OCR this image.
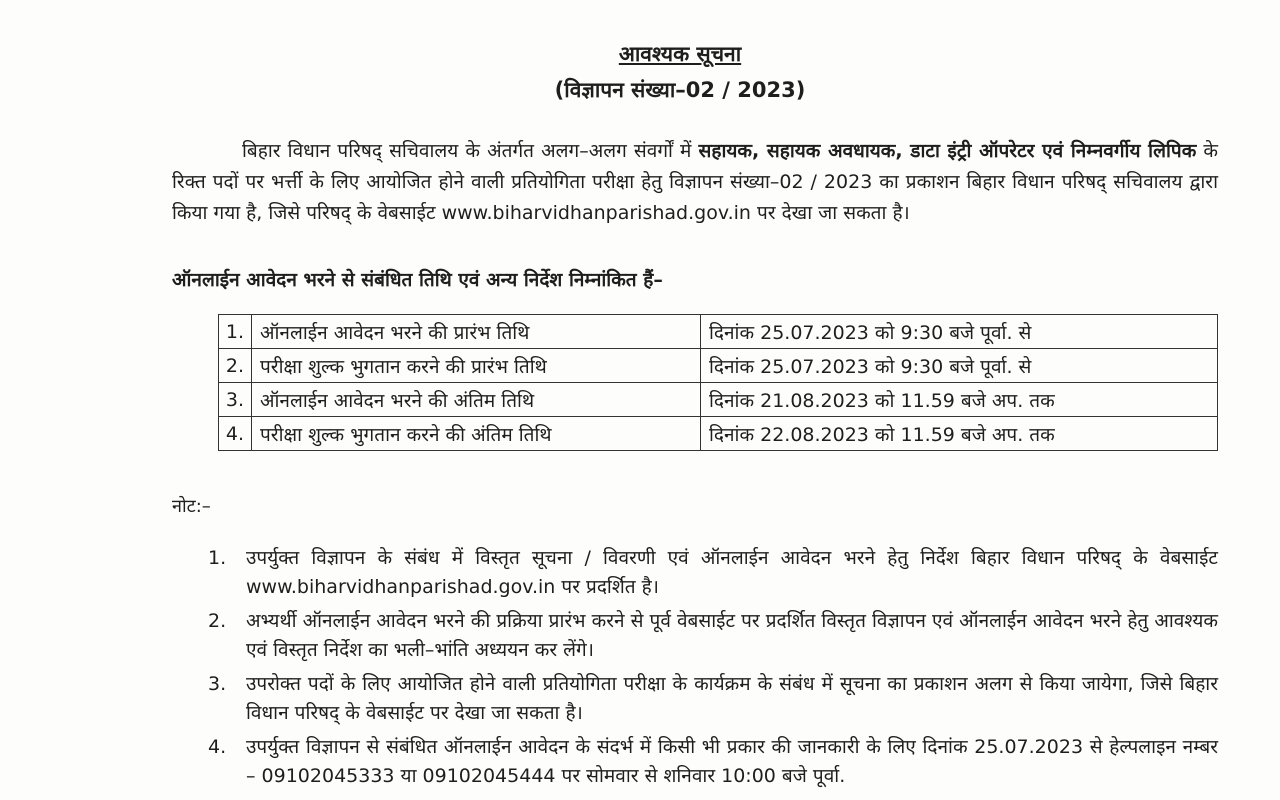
आवश्यक सूचना
(विज्ञापन संख्या–02 / 2023)

बिहार विधान परिषद् सचिवालय के अंतर्गत अलग–अलग संवर्गों में सहायक, सहायक अवधायक, डाटा इंट्री ऑपरेटर एवं निम्नवर्गीय लिपिक के रिक्त पदों पर भर्त्ती के लिए आयोजित होने वाली प्रतियोगिता परीक्षा हेतु विज्ञापन संख्या–02 / 2023 का प्रकाशन बिहार विधान परिषद् सचिवालय द्वारा किया गया है, जिसे परिषद् के वेबसाईट www.biharvidhanparishad.gov.in पर देखा जा सकता है।

ऑनलाईन आवेदन भरने से संबंधित तिथि एवं अन्य निर्देश निम्नांकित हैं–

1.	ऑनलाईन आवेदन भरने की प्रारंभ तिथि	दिनांक 25.07.2023 को 9:30 बजे पूर्वा. से
2.	परीक्षा शुल्क भुगतान करने की प्रारंभ तिथि	दिनांक 25.07.2023 को 9:30 बजे पूर्वा. से
3.	ऑनलाईन आवेदन भरने की अंतिम तिथि	दिनांक 21.08.2023 को 11.59 बजे अप. तक
4.	परीक्षा शुल्क भुगतान करने की अंतिम तिथि	दिनांक 22.08.2023 को 11.59 बजे अप. तक

नोट:–

1. उपर्युक्त विज्ञापन के संबंध में विस्तृत सूचना / विवरणी एवं ऑनलाईन आवेदन भरने हेतु निर्देश बिहार विधान परिषद् के वेबसाईट www.biharvidhanparishad.gov.in पर प्रदर्शित है।
2. अभ्यर्थी ऑनलाईन आवेदन भरने की प्रक्रिया प्रारंभ करने से पूर्व वेबसाईट पर प्रदर्शित विस्तृत विज्ञापन एवं ऑनलाईन आवेदन भरने हेतु आवश्यक एवं विस्तृत निर्देश का भली–भांति अध्ययन कर लेंगे।
3. उपरोक्त पदों के लिए आयोजित होने वाली प्रतियोगिता परीक्षा के कार्यक्रम के संबंध में सूचना का प्रकाशन अलग से किया जायेगा, जिसे बिहार विधान परिषद् के वेबसाईट पर देखा जा सकता है।
4. उपर्युक्त विज्ञापन से संबंधित ऑनलाईन आवेदन के संदर्भ में किसी भी प्रकार की जानकारी के लिए दिनांक 25.07.2023 से हेल्पलाइन नम्बर – 09102045333 या 09102045444 पर सोमवार से शनिवार 10:00 बजे पूर्वा.
